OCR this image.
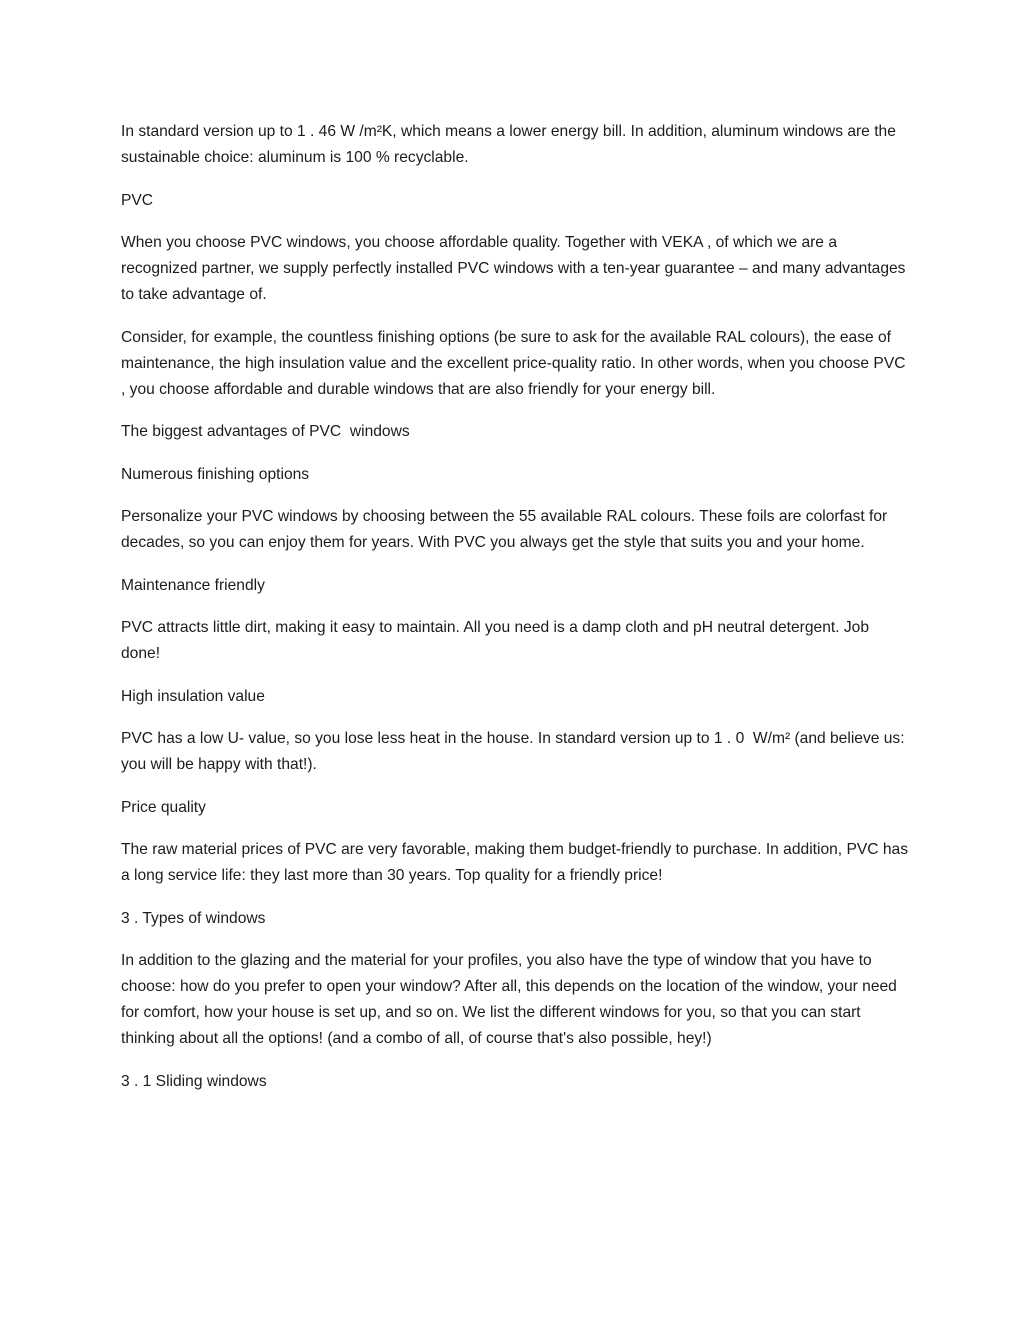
In standard version up to 1 . 46 W /m²K, which means a lower energy bill. In addition, aluminum windows are the sustainable choice: aluminum is 100 % recyclable.

PVC

When you choose PVC windows, you choose affordable quality. Together with VEKA , of which we are a recognized partner, we supply perfectly installed PVC windows with a ten-year guarantee – and many advantages to take advantage of.

Consider, for example, the countless finishing options (be sure to ask for the available RAL colours), the ease of maintenance, the high insulation value and the excellent price-quality ratio. In other words, when you choose PVC , you choose affordable and durable windows that are also friendly for your energy bill.

The biggest advantages of PVC  windows

Numerous finishing options

Personalize your PVC windows by choosing between the 55 available RAL colours. These foils are colorfast for decades, so you can enjoy them for years. With PVC you always get the style that suits you and your home.

Maintenance friendly

PVC attracts little dirt, making it easy to maintain. All you need is a damp cloth and pH neutral detergent. Job done!

High insulation value

PVC has a low U- value, so you lose less heat in the house. In standard version up to 1 . 0  W/m² (and believe us: you will be happy with that!).

Price quality

The raw material prices of PVC are very favorable, making them budget-friendly to purchase. In addition, PVC has a long service life: they last more than 30 years. Top quality for a friendly price!

3 . Types of windows

In addition to the glazing and the material for your profiles, you also have the type of window that you have to choose: how do you prefer to open your window? After all, this depends on the location of the window, your need for comfort, how your house is set up, and so on. We list the different windows for you, so that you can start thinking about all the options! (and a combo of all, of course that's also possible, hey!)

3 . 1 Sliding windows
